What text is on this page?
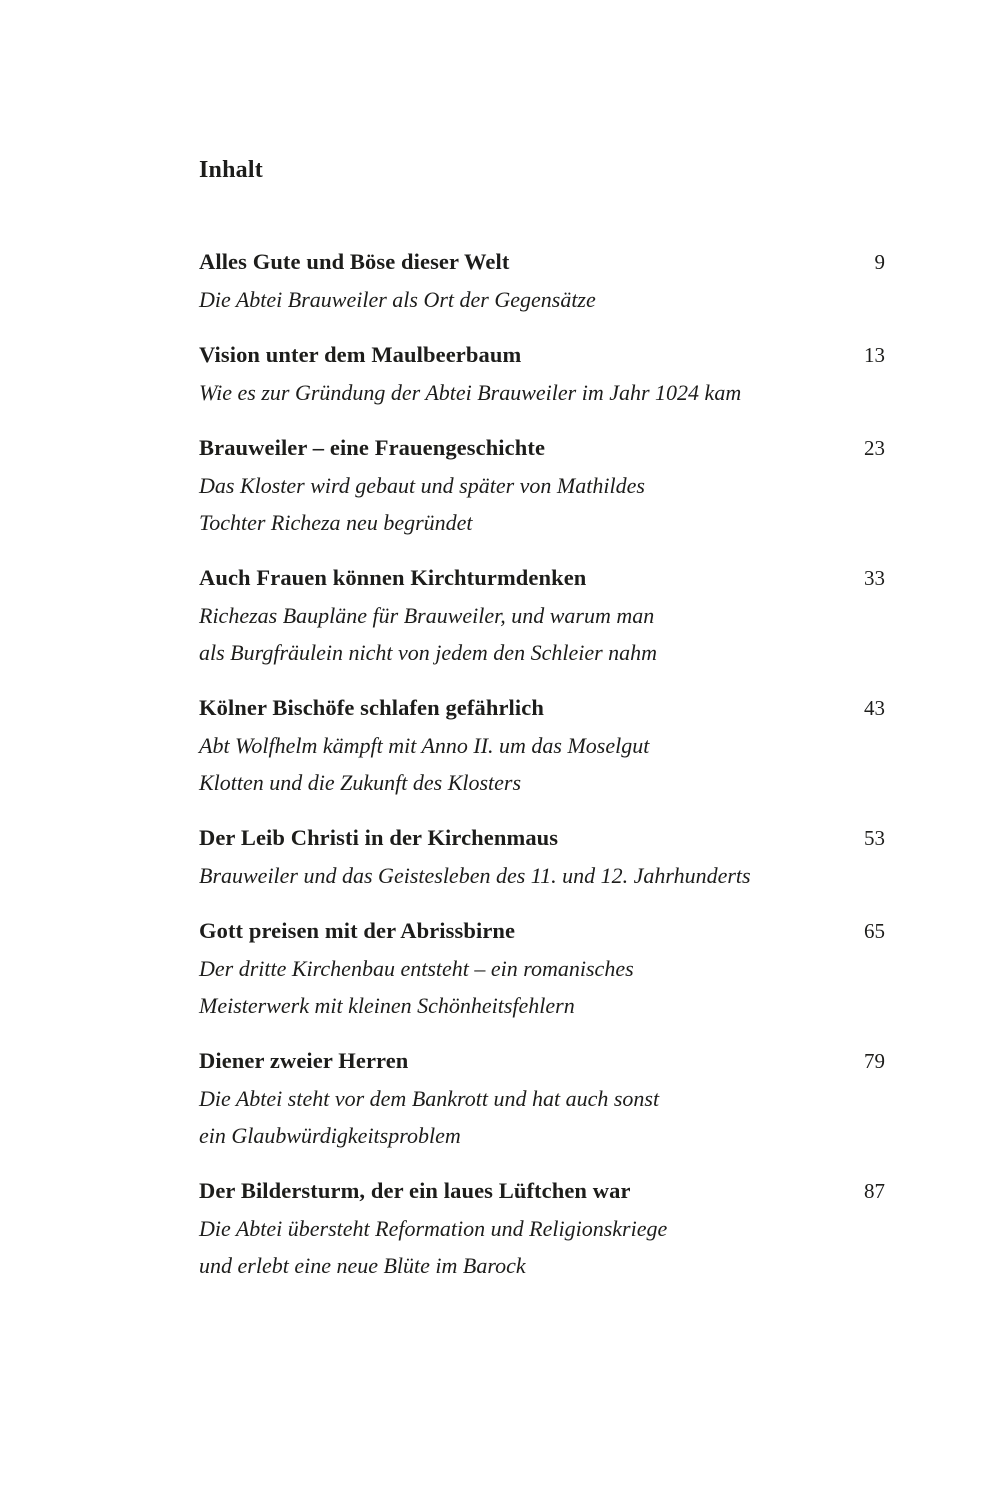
Inhalt
Alles Gute und Böse dieser Welt	9
Die Abtei Brauweiler als Ort der Gegensätze
Vision unter dem Maulbeerbaum	13
Wie es zur Gründung der Abtei Brauweiler im Jahr 1024 kam
Brauweiler – eine Frauengeschichte	23
Das Kloster wird gebaut und später von Mathildes
Tochter Richeza neu begründet
Auch Frauen können Kirchturmdenken	33
Richezas Baupläne für Brauweiler, und warum man
als Burgfräulein nicht von jedem den Schleier nahm
Kölner Bischöfe schlafen gefährlich	43
Abt Wolfhelm kämpft mit Anno II. um das Moselgut
Klotten und die Zukunft des Klosters
Der Leib Christi in der Kirchenmaus	53
Brauweiler und das Geistesleben des 11. und 12. Jahrhunderts
Gott preisen mit der Abrissbirne	65
Der dritte Kirchenbau entsteht – ein romanisches
Meisterwerk mit kleinen Schönheitsfehlern
Diener zweier Herren	79
Die Abtei steht vor dem Bankrott und hat auch sonst
ein Glaubwürdigkeitsproblem
Der Bildersturm, der ein laues Lüftchen war	87
Die Abtei übersteht Reformation und Religionskriege
und erlebt eine neue Blüte im Barock
